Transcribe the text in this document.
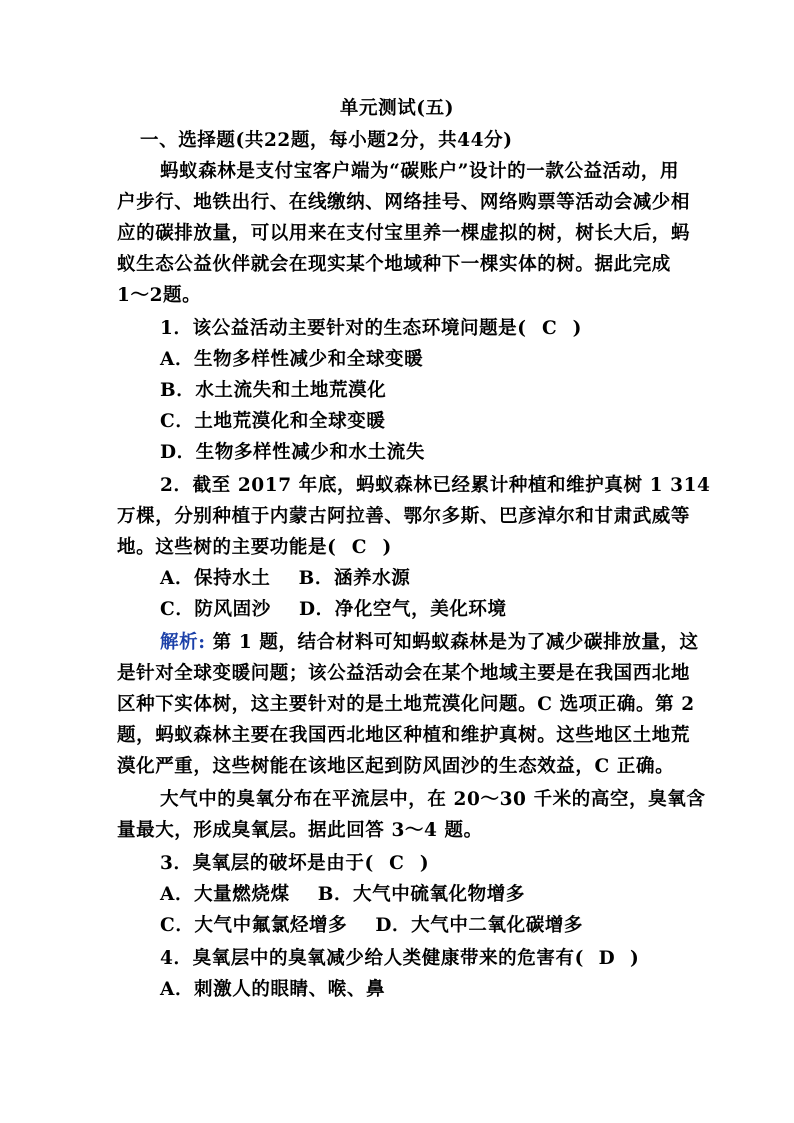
单元测试(五)
一、选择题(共22题，每小题2分，共44分)
蚂蚁森林是支付宝客户端为“碳账户”设计的一款公益活动，用
户步行、地铁出行、在线缴纳、网络挂号、网络购票等活动会减少相
应的碳排放量，可以用来在支付宝里养一棵虚拟的树，树长大后，蚂
蚁生态公益伙伴就会在现实某个地域种下一棵实体的树。据此完成
1～2题。
1．该公益活动主要针对的生态环境问题是( C )
A．生物多样性减少和全球变暖
B．水土流失和土地荒漠化
C．土地荒漠化和全球变暖
D．生物多样性减少和水土流失
2．截至 2017 年底，蚂蚁森林已经累计种植和维护真树 1 314
万棵，分别种植于内蒙古阿拉善、鄂尔多斯、巴彦淖尔和甘肃武威等
地。这些树的主要功能是( C )
A．保持水土    B．涵养水源
C．防风固沙    D．净化空气，美化环境
解析: 第 1 题，结合材料可知蚂蚁森林是为了减少碳排放量，这
是针对全球变暖问题；该公益活动会在某个地域主要是在我国西北地
区种下实体树，这主要针对的是土地荒漠化问题。C 选项正确。第 2
题，蚂蚁森林主要在我国西北地区种植和维护真树。这些地区土地荒
漠化严重，这些树能在该地区起到防风固沙的生态效益，C 正确。
大气中的臭氧分布在平流层中，在 20～30 千米的高空，臭氧含
量最大，形成臭氧层。据此回答 3～4 题。
3．臭氧层的破坏是由于( C )
A．大量燃烧煤    B．大气中硫氧化物增多
C．大气中氟氯烃增多    D．大气中二氧化碳增多
4．臭氧层中的臭氧减少给人类健康带来的危害有( D )
A．刺激人的眼睛、喉、鼻
